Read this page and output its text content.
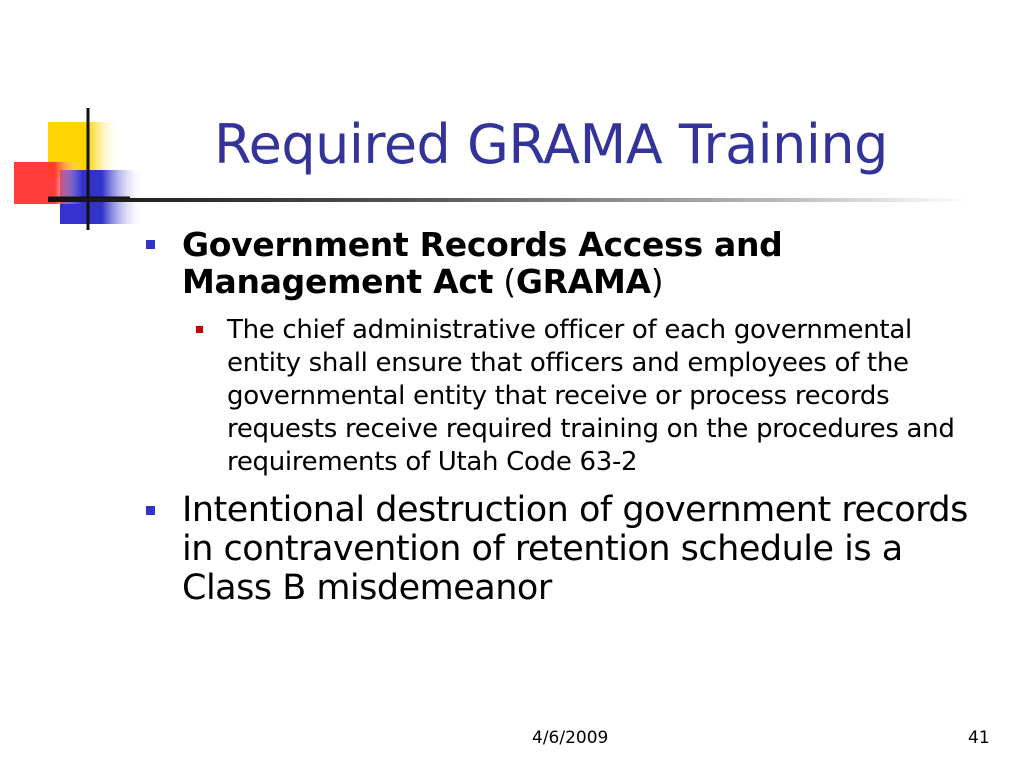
Required GRAMA Training
Government Records Access and Management Act (GRAMA)
The chief administrative officer of each governmental entity shall ensure that officers and employees of the governmental entity that receive or process records requests receive required training on the procedures and requirements of Utah Code 63-2
Intentional destruction of government records in contravention of retention schedule is a Class B misdemeanor
4/6/2009	41
